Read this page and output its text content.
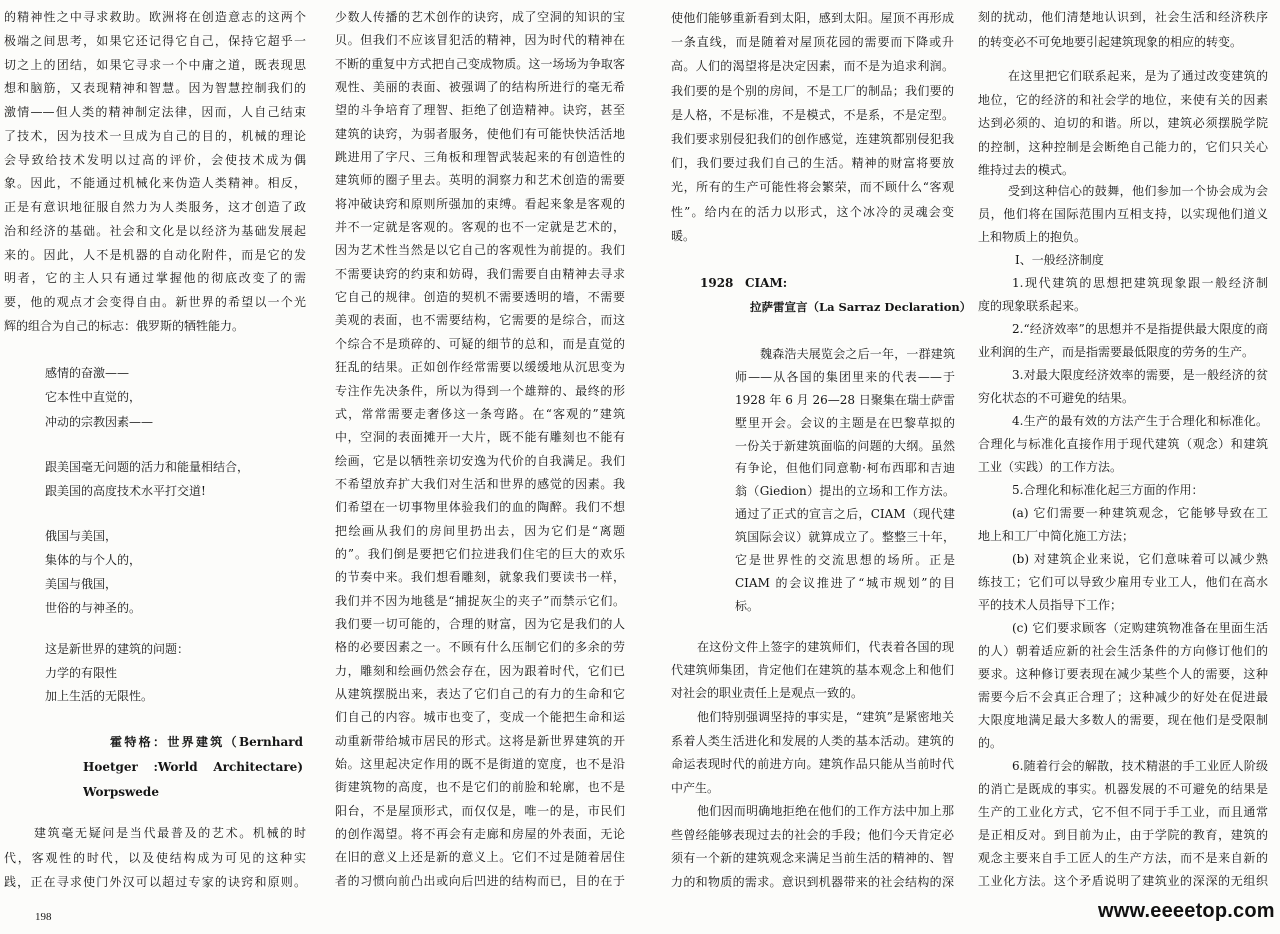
的精神性之中寻求救助。欧洲将在创造意志的这两个
极端之间思考，如果它还记得它自己，保持它超乎一
切之上的团结，如果它寻求一个中庸之道，既表现思
想和脑筋，又表现精神和智慧。因为智慧控制我们的
激情——但人类的精神制定法律，因而，人自己结束
了技术，因为技术一旦成为自己的目的，机械的理论
会导致给技术发明以过高的评价，会使技术成为偶
象。因此，不能通过机械化来伪造人类精神。相反，
正是有意识地征服自然力为人类服务，这才创造了政
治和经济的基础。社会和文化是以经济为基础发展起
来的。因此，人不是机器的自动化附件，而是它的发
明者，它的主人只有通过掌握他的彻底改变了的需
要，他的观点才会变得自由。新世界的希望以一个光
辉的组合为自己的标志：俄罗斯的牺牲能力。
感情的奋激——
它本性中直觉的，
冲动的宗教因素——
跟美国毫无问题的活力和能量相结合，
跟美国的高度技术水平打交道!
俄国与美国，
集体的与个人的，
美国与俄国，
世俗的与神圣的。
这是新世界的建筑的问题：
力学的有限性
加上生活的无限性。
霍特格：世界建筑（Bernhard
Hoetger :World Architectare)
Worpswede
建筑毫无疑问是当代最普及的艺术。机械的时
代，客观性的时代，以及使结构成为可见的这种实
践，正在寻求使门外汉可以超过专家的诀窍和原则。
198
少数人传播的艺术创作的诀窍，成了空洞的知识的宝
贝。但我们不应该冒犯活的精神，因为时代的精神在
不断的重复中方式把自己变成物质。这一场场为争取客
观性、美丽的表面、被强调了的结构所进行的毫无希
望的斗争培育了理智、拒绝了创造精神。诀窍，甚至
建筑的诀窍，为弱者服务，使他们有可能快快活活地
跳进用了字尺、三角板和理智武装起来的有创造性的
建筑师的圈子里去。英明的洞察力和艺术创造的需要
将冲破诀窍和原则所强加的束缚。看起来象是客观的
并不一定就是客观的。客观的也不一定就是艺术的，
因为艺术性当然是以它自己的客观性为前提的。我们
不需要诀窍的约束和妨碍，我们需要自由精神去寻求
它自己的规律。创造的契机不需要透明的墙，不需要
美观的表面，也不需要结构，它需要的是综合，而这
个综合不是琐碎的、可疑的细节的总和，而是直觉的
狂乱的结果。正如创作经常需要以缓缓地从沉思变为
专注作先决条件，所以为得到一个雄辩的、最终的形
式，常常需要走奢侈这一条弯路。在“客观的”建筑
中，空洞的表面摊开一大片，既不能有雕刻也不能有
绘画，它是以牺牲亲切安逸为代价的自我满足。我们
不希望放弃扩大我们对生活和世界的感觉的因素。我
们希望在一切事物里体验我们的血的陶醉。我们不想
把绘画从我们的房间里扔出去，因为它们是“离题
的”。我们倒是要把它们拉进我们住宅的巨大的欢乐
的节奏中来。我们想看雕刻，就象我们要读书一样，
我们并不因为地毯是“捕捉灰尘的夹子”而禁示它们。
我们要一切可能的，合理的财富，因为它是我们的人
格的必要因素之一。不顾有什么压制它们的多余的劳
力，雕刻和绘画仍然会存在，因为跟着时代，它们已
从建筑摆脱出来，表达了它们自己的有力的生命和它
们自己的内容。城市也变了，变成一个能把生命和运
动重新带给城市居民的形式。这将是新世界建筑的开
始。这里起决定作用的既不是街道的宽度，也不是沿
街建筑物的高度，也不是它们的前脸和轮廓，也不是
阳台，不是屋顶形式，而仅仅是，唯一的是，市民们
的创作渴望。将不再会有走廊和房屋的外表面，无论
在旧的意义上还是新的意义上。它们不过是随着居住
者的习惯向前凸出或向后凹进的结构而已，目的在于
使他们能够重新看到太阳，感到太阳。屋顶不再形成
一条直线，而是随着对屋顶花园的需要而下降或升
高。人们的渴望将是决定因素，而不是为追求利润。
我们要的是个别的房间，不是工厂的制品；我们要的
是人格，不是标准，不是模式，不是系，不是定型。
我们要求别侵犯我们的创作感觉，连建筑都别侵犯我
们，我们要过我们自己的生活。精神的财富将要放
光，所有的生产可能性将会繁荣，而不顾什么“客观
性”。给内在的活力以形式，这个冰冷的灵魂会变
暖。
1928 CIAM:
拉萨雷宣言（La Sarraz Declaration）
魏森浩夫展览会之后一年，一群建筑
师——从各国的集团里来的代表——于
1928 年 6 月 26—28 日聚集在瑞士萨雷
墅里开会。会议的主题是在巴黎草拟的
一份关于新建筑面临的问题的大纲。虽然
有争论，但他们同意勒·柯布西耶和吉迪
翁（Giedion）提出的立场和工作方法。
通过了正式的宣言之后，CIAM（现代建
筑国际会议）就算成立了。整整三十年，
它是世界性的交流思想的场所。正是
CIAM 的会议推进了“城市规划”的目
标。
在这份文件上签字的建筑师们，代表着各国的现
代建筑师集团，肯定他们在建筑的基本观念上和他们
对社会的职业责任上是观点一致的。
他们特别强调坚持的事实是，“建筑”是紧密地关
系着人类生活进化和发展的人类的基本活动。建筑的
命运表现时代的前进方向。建筑作品只能从当前时代
中产生。
他们因而明确地拒绝在他们的工作方法中加上那
些曾经能够表现过去的社会的手段；他们今天肯定必
须有一个新的建筑观念来满足当前生活的精神的、智
力的和物质的需求。意识到机器带来的社会结构的深
刻的扰动，他们清楚地认识到，社会生活和经济秩序
的转变必不可免地要引起建筑现象的相应的转变。
在这里把它们联系起来，是为了通过改变建筑的
地位，它的经济的和社会学的地位，来使有关的因素
达到必须的、迫切的和谐。所以，建筑必须摆脱学院
的控制，这种控制是会断绝自己能力的，它们只关心
维持过去的模式。
受到这种信心的鼓舞，他们参加一个协会成为会
员，他们将在国际范围内互相支持，以实现他们道义
上和物质上的抱负。
Ⅰ、一般经济制度
1.现代建筑的思想把建筑现象跟一般经济制
度的现象联系起来。
2.“经济效率”的思想并不是指提供最大限度的商
业利润的生产，而是指需要最低限度的劳务的生产。
3.对最大限度经济效率的需要，是一般经济的贫
穷化状态的不可避免的结果。
4.生产的最有效的方法产生于合理化和标准化。
合理化与标准化直接作用于现代建筑（观念）和建筑
工业（实践）的工作方法。
5.合理化和标准化起三方面的作用：
(a) 它们需要一种建筑观念，它能够导致在工
地上和工厂中简化施工方法；
(b) 对建筑企业来说，它们意味着可以减少熟
练技工；它们可以导致少雇用专业工人，他们在高水
平的技术人员指导下工作；
(c) 它们要求顾客（定购建筑物准备在里面生活
的人）朝着适应新的社会生活条件的方向修订他们的
要求。这种修订要表现在减少某些个人的需要，这种
需要今后不会真正合理了；这种减少的好处在促进最
大限度地满足最大多数人的需要，现在他们是受限制
的。
6.随着行会的解散，技术精湛的手工业匠人阶级
的消亡是既成的事实。机器发展的不可避免的结果是
生产的工业化方式，它不但不同于手工业，而且通常
是正相反对。到目前为止，由于学院的教育，建筑的
观念主要来自手工匠人的生产方法，而不是来自新的
工业化方法。这个矛盾说明了建筑业的深深的无组织
www.eeeetop.com
